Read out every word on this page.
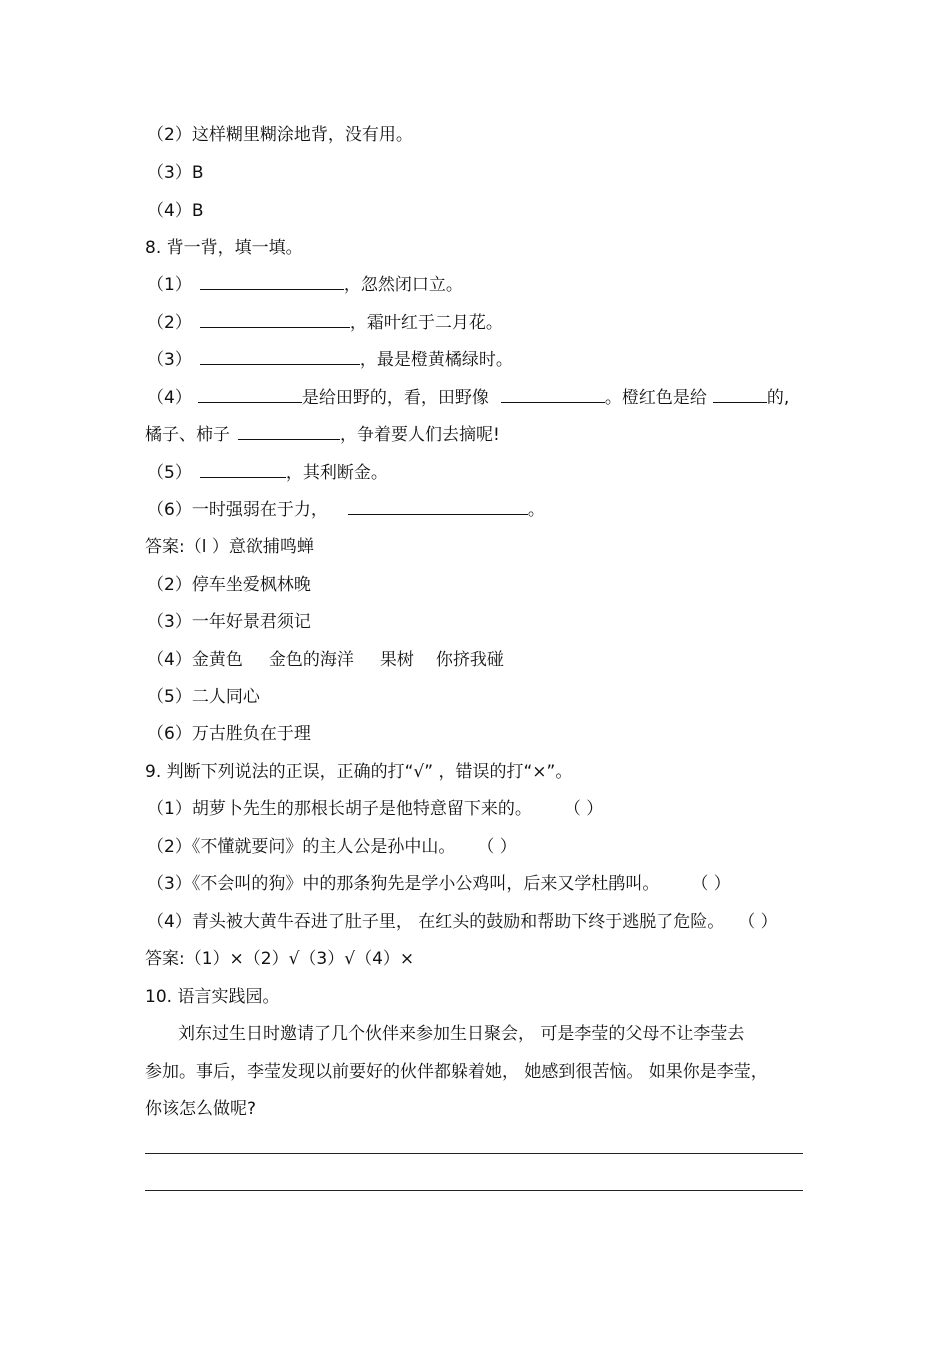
（2）这样糊里糊涂地背，没有用。
（3）B
（4）B
8. 背一背，填一填。
（1）	，忽然闭口立。
（2）	，霜叶红于二月花。
（3）	，最是橙黄橘绿时。
（4）	是给田野的，看，田野像	。橙红色是给	的,
橘子、柿子	，争着要人们去摘呢!
（5）	，其利断金。
（6）一时强弱在于力，	。
答案:（l ）意欲捕鸣蝉
（2）停车坐爱枫林晚
（3）一年好景君须记
（4）金黄色 金色的海洋 果树 你挤我碰
（5）二人同心
（6）万古胜负在于理
9. 判断下列说法的正误，正确的打“√” ，错误的打“×”。
（1）胡萝卜先生的那根长胡子是他特意留下来的。 （ ）
（2）《不懂就要问》的主人公是孙中山。 （ ）
（3）《不会叫的狗》中的那条狗先是学小公鸡叫，后来又学杜鹃叫。 （ ）
（4）青头被大黄牛吞进了肚子里， 在红头的鼓励和帮助下终于逃脱了危险。 （ ）
答案:（1）×（2）√（3）√（4）×
10. 语言实践园。
刘东过生日时邀请了几个伙伴来参加生日聚会， 可是李莹的父母不让李莹去
参加。事后，李莹发现以前要好的伙伴都躲着她， 她感到很苦恼。 如果你是李莹，
你该怎么做呢?
